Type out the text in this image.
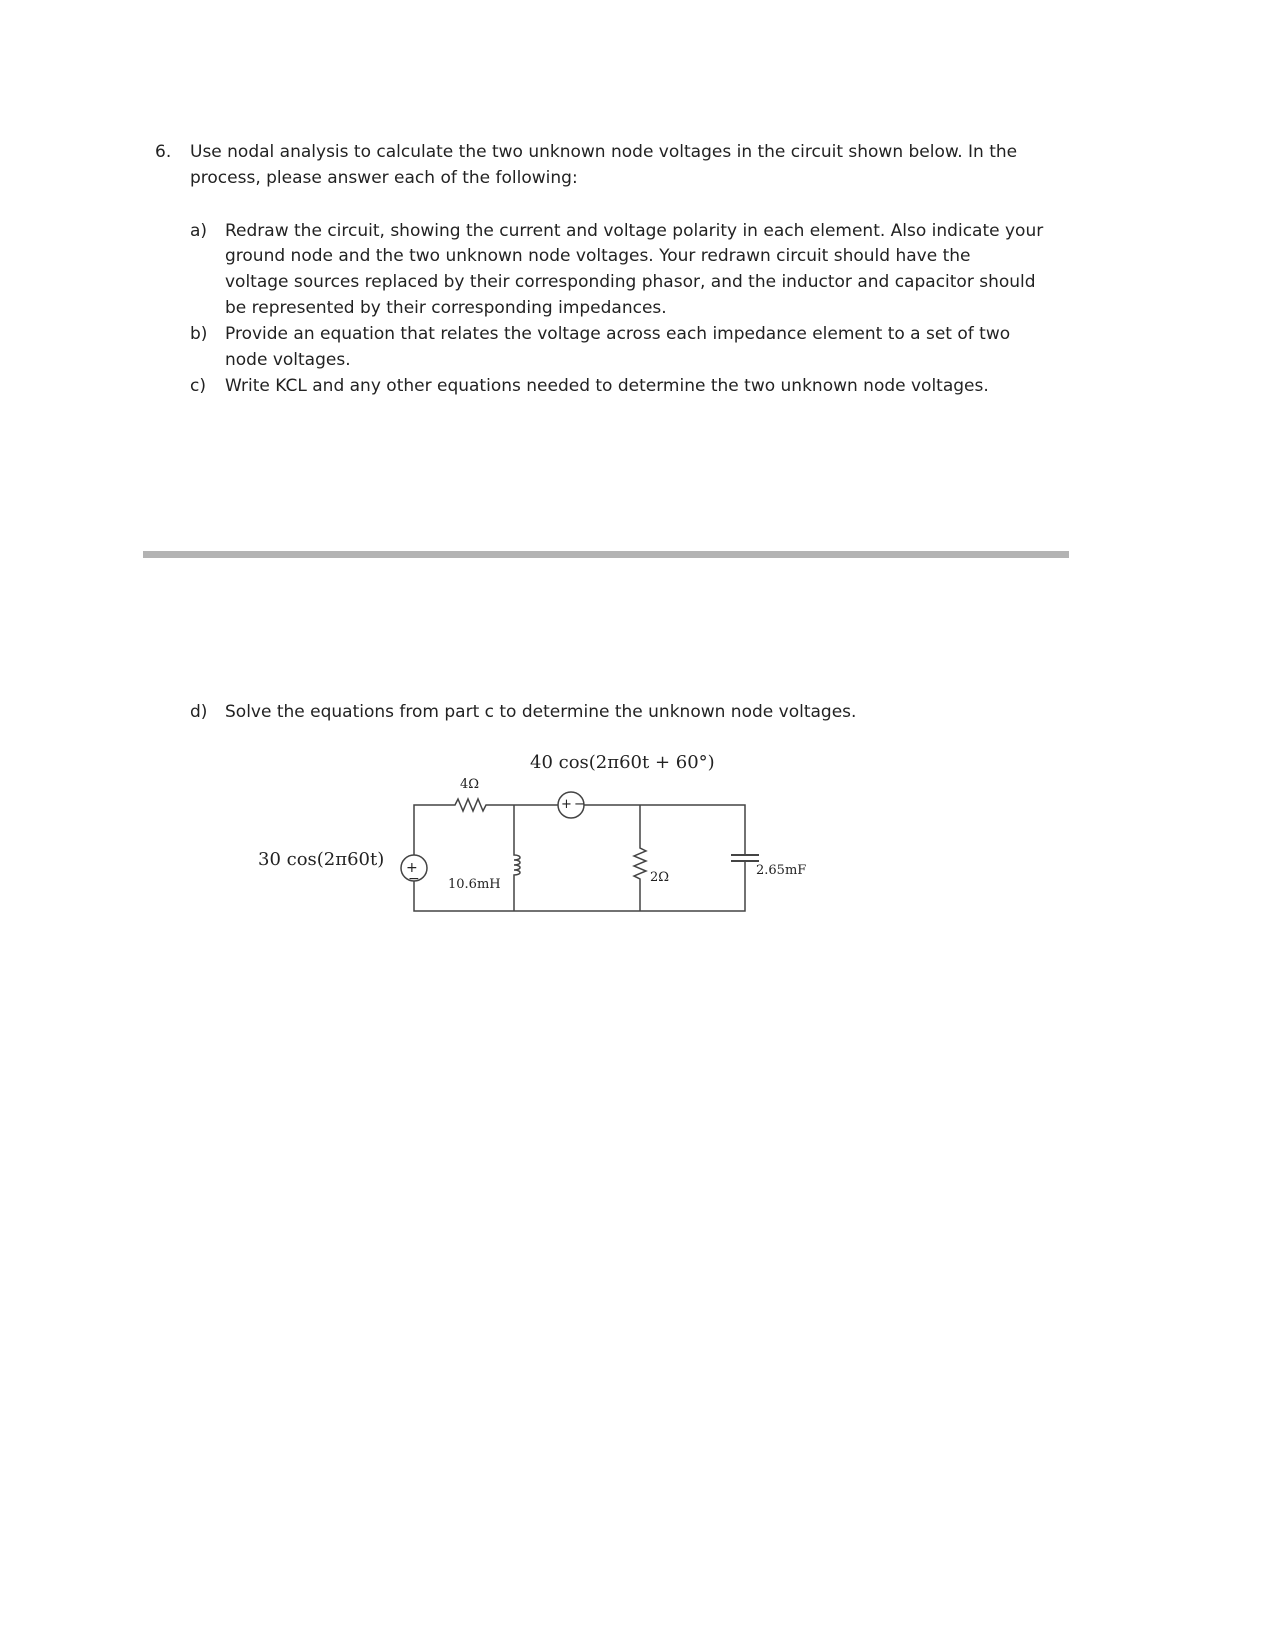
6. Use nodal analysis to calculate the two unknown node voltages in the circuit shown below. In the
process, please answer each of the following:
a) Redraw the circuit, showing the current and voltage polarity in each element. Also indicate your
ground node and the two unknown node voltages. Your redrawn circuit should have the
voltage sources replaced by their corresponding phasor, and the inductor and capacitor should
be represented by their corresponding impedances.
b) Provide an equation that relates the voltage across each impedance element to a set of two
node voltages.
c) Write KCL and any other equations needed to determine the two unknown node voltages.
d) Solve the equations from part c to determine the unknown node voltages.
+
−
+ −
30 cos(2π60t)
40 cos(2π60t + 60°)
4Ω
10.6mH	2Ω	2.65mF
